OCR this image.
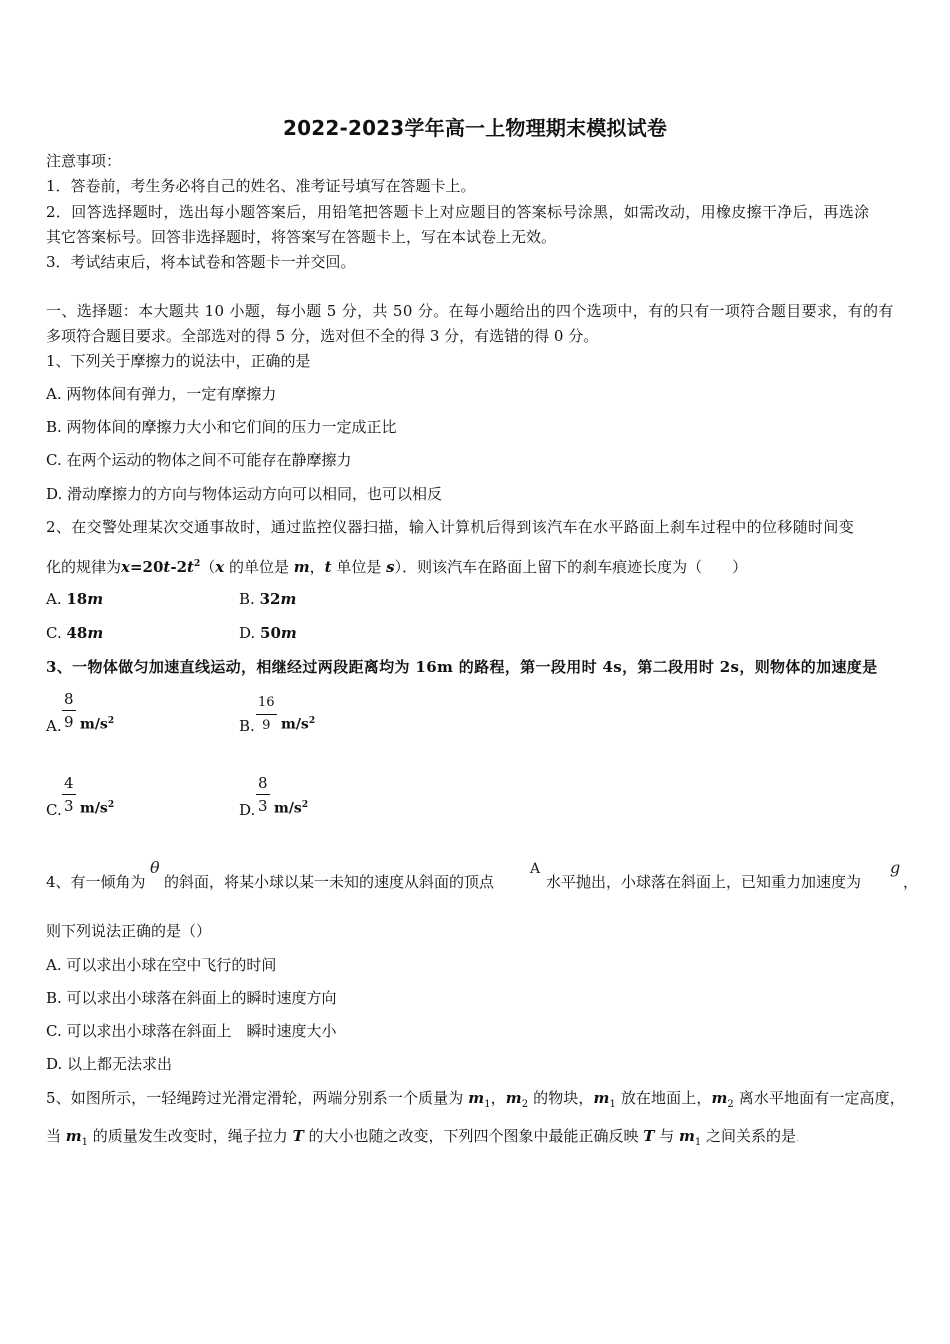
2022-2023学年高一上物理期末模拟试卷
注意事项：
1．答卷前，考生务必将自己的姓名、准考证号填写在答题卡上。
2．回答选择题时，选出每小题答案后，用铅笔把答题卡上对应题目的答案标号涂黑，如需改动，用橡皮擦干净后，再选涂
其它答案标号。回答非选择题时，将答案写在答题卡上，写在本试卷上无效。
3．考试结束后，将本试卷和答题卡一并交回。
一、选择题：本大题共 10 小题，每小题 5 分，共 50 分。在每小题给出的四个选项中，有的只有一项符合题目要求，有的有
多项符合题目要求。全部选对的得 5 分，选对但不全的得 3 分，有选错的得 0 分。
1、下列关于摩擦力的说法中，正确的是
A. 两物体间有弹力，一定有摩擦力
B. 两物体间的摩擦力大小和它们间的压力一定成正比
C. 在两个运动的物体之间不可能存在静摩擦力
D. 滑动摩擦力的方向与物体运动方向可以相同，也可以相反
2、在交警处理某次交通事故时，通过监控仪器扫描，输入计算机后得到该汽车在水平路面上刹车过程中的位移随时间变
化的规律为$x=20t-2t^2(x$ 的单位是 m，t 单位是 s）．则该汽车在路面上留下的刹车痕迹长度为（　　）
A. 18m	B. 32m
C. 48m	D. 50m
3、一物体做匀加速直线运动，相继经过两段距离均为 16m 的路程，第一段用时 4s，第二段用时 2s，则物体的加速度是
A.
8
9 $m/s^2$	B.
16
9 $m/s^2$
C.
4
3 $m/s^2$	D.
8
3 $m/s^2$
4、有一倾角为
θ
的斜面，将某小球以某一未知的速度从斜面的顶点
A
水平抛出，小球落在斜面上，已知重力加速度为
g
，
则下列说法正确的是（）
A. 可以求出小球在空中飞行的时间
B. 可以求出小球落在斜面上的瞬时速度方向
C. 可以求出小球落在斜面上　瞬时速度大小
D. 以上都无法求出
5、如图所示，一轻绳跨过光滑定滑轮，两端分别系一个质量为 $m_1$，$m_2$ 的物块，$m_1$ 放在地面上，$m_2$ 离水平地面有一定高度，
当 $m_1$ 的质量发生改变时，绳子拉力 T 的大小也随之改变，下列四个图象中最能正确反映 T 与 $m_1$ 之间关系的是.
